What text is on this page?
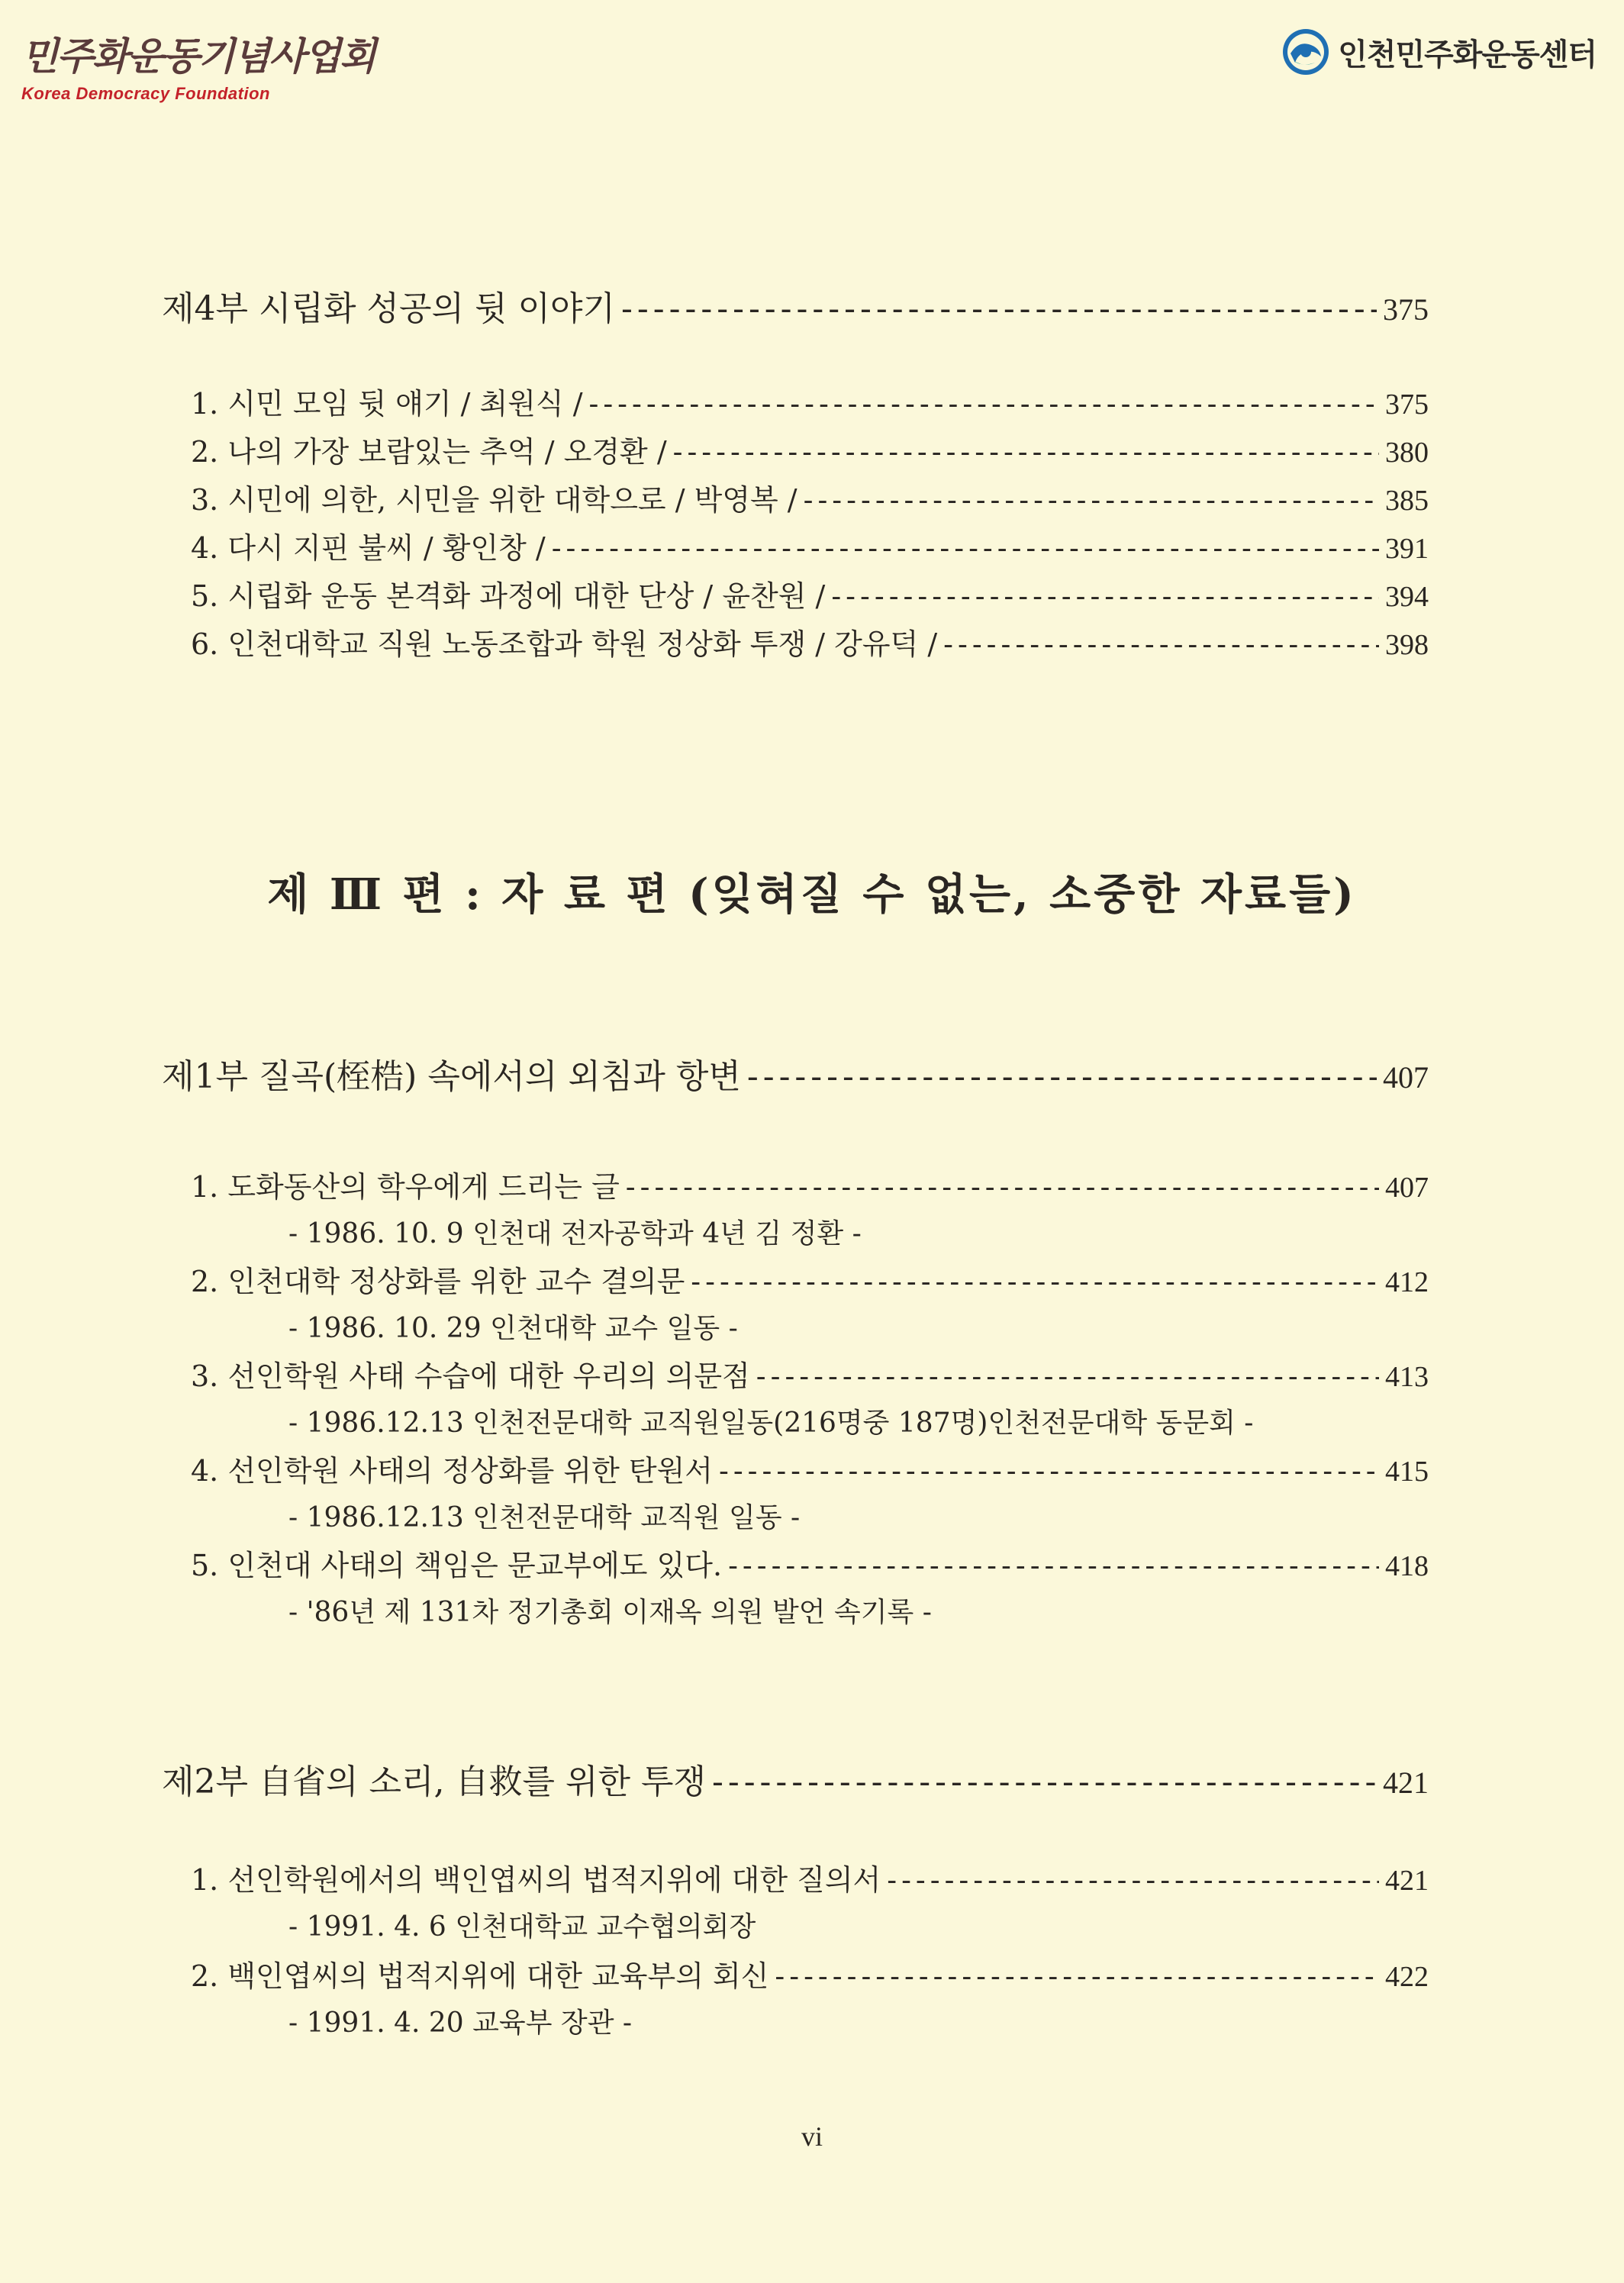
민주화운동기념사업회
Korea Democracy Foundation
인천민주화운동센터
제4부 시립화 성공의 뒷 이야기 -----	375
1. 시민 모임 뒷 얘기 / 최원식 / -----	375
2. 나의 가장 보람있는 추억 / 오경환 / -----	380
3. 시민에 의한, 시민을 위한 대학으로 / 박영복 / -----	385
4. 다시 지핀 불씨 / 황인창 / -----	391
5. 시립화 운동 본격화 과정에 대한 단상 / 윤찬원 / -----	394
6. 인천대학교 직원 노동조합과 학원 정상화 투쟁 / 강유덕 / -----	398
제 Ⅲ 편 : 자 료 편 (잊혀질 수 없는, 소중한 자료들)
제1부 질곡(桎梏) 속에서의 외침과 항변 -----	407
1. 도화동산의 학우에게 드리는 글 -----	407
- 1986. 10. 9 인천대 전자공학과 4년 김 정환 -
2. 인천대학 정상화를 위한 교수 결의문 -----	412
- 1986. 10. 29 인천대학 교수 일동 -
3. 선인학원 사태 수습에 대한 우리의 의문점 -----	413
- 1986.12.13 인천전문대학 교직원일동(216명중 187명)인천전문대학 동문회 -
4. 선인학원 사태의 정상화를 위한 탄원서 -----	415
- 1986.12.13 인천전문대학 교직원 일동 -
5. 인천대 사태의 책임은 문교부에도 있다. -----	418
- '86년 제 131차 정기총회 이재옥 의원 발언 속기록 -
제2부 自省의 소리, 自救를 위한 투쟁 -----	421
1. 선인학원에서의 백인엽씨의 법적지위에 대한 질의서 -----	421
- 1991. 4. 6 인천대학교 교수협의회장
2. 백인엽씨의 법적지위에 대한 교육부의 회신 -----	422
- 1991. 4. 20 교육부 장관 -
vi
